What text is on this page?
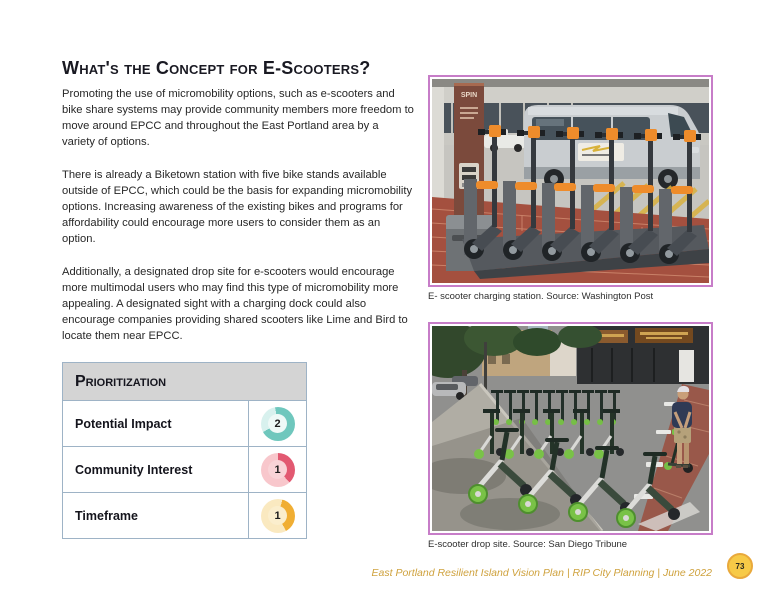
What's the Concept for E-Scooters?

Promoting the use of micromobility options, such as e-scooters and bike share systems may provide community members more freedom to move around EPCC and throughout the East Portland area by a variety of options.

There is already a Biketown station with five bike stands available outside of EPCC, which could be the basis for expanding micromobility options. Increasing awareness of the existing bikes and programs for affordability could encourage more users to consider them as an option.

Additionally, a designated drop site for e-scooters would encourage more multimodal users who may find this type of micromobility more appealing. A designated sight with a charging dock could also encourage companies providing shared scooters like Lime and Bird to locate them near EPCC.

Prioritization
Potential Impact	2
Community Interest	1
Timeframe	1
SPIN
E- scooter charging station. Source: Washington Post
E-scooter drop site. Source: San Diego Tribune
East Portland Resilient Island Vision Plan | RIP City Planning | June 2022
73
